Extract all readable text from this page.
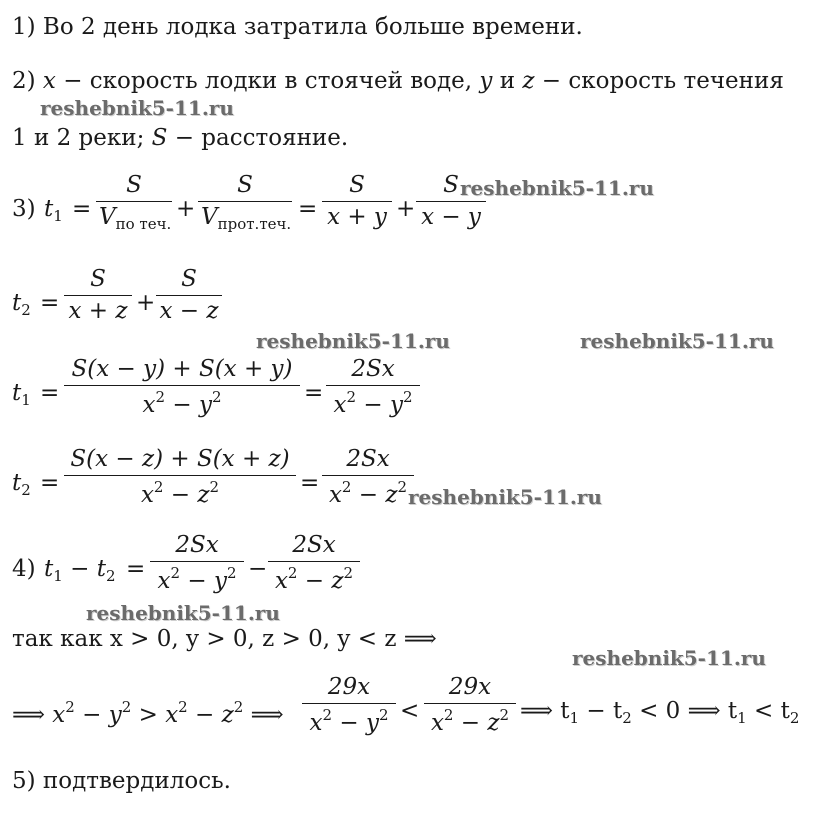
1) Во 2 день лодка затратила больше времени.
2) x − скорость лодки в стоячей воде, y и z − скорость течения
reshebnik5-11.ru
1 и 2 реки; S − расстояние.
3) $t_1$ =
S
$V_{по теч.}$
+
S
$V_{прот.теч.}$
=
S
x + y +
S
x − y
reshebnik5-11.ru
$t_2$ =
S
x + z +
S
x − z
reshebnik5-11.ru	reshebnik5-11.ru
$t_1$ =
S(x − y) + S(x + y)
$x^2 - y^2$	=
2Sx
$x^2 - y^2$
$t_2$ =
S(x − z) + S(x + z)
$x^2 - z^2$	=
2Sx
$x^2 - z^2$ reshebnik5-11.ru
4) $t_1 - t_2$ =
2Sx
$x^2 - y^2$ −
2Sx
$x^2 - z^2$
reshebnik5-11.ru
так как x > 0, y > 0, z > 0, y < z ⟹
reshebnik5-11.ru
⟹ $x^2 - y^2 > x^2 - z^2$ ⟹
29x
$x^2 - y^2$ <
29x
$x^2 - z^2$ ⟹ $t_1 - t_2 < 0$ ⟹ $t_1 < t_2$
5) подтвердилось.
